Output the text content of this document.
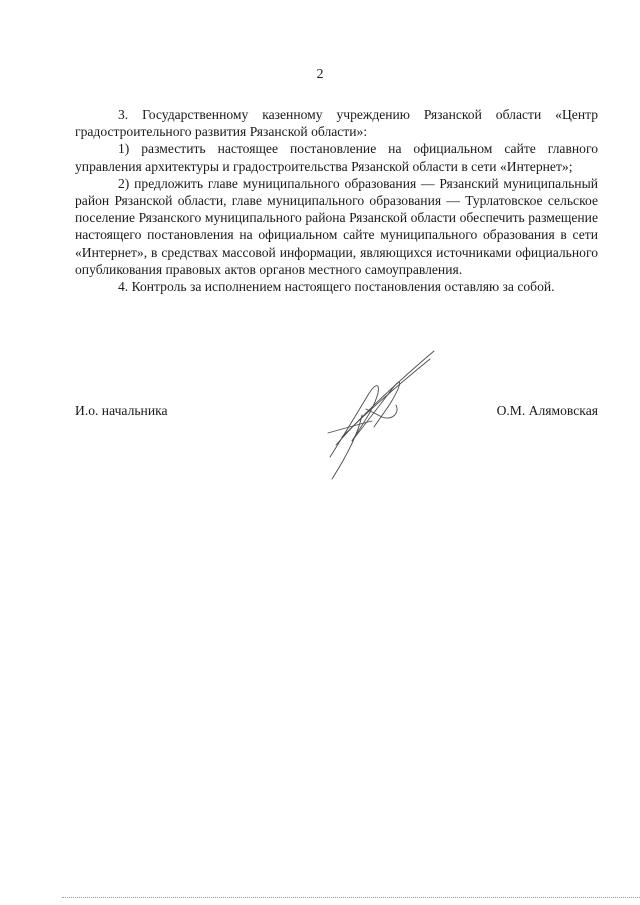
2

3. Государственному казенному учреждению Рязанской области «Центр градостроительного развития Рязанской области»:

1) разместить настоящее постановление на официальном сайте главного управления архитектуры и градостроительства Рязанской области в сети «Интернет»;

2) предложить главе муниципального образования — Рязанский муниципальный район Рязанской области, главе муниципального образования — Турлатовское сельское поселение Рязанского муниципального района Рязанской области обеспечить размещение настоящего постановления на официальном сайте муниципального образования в сети «Интернет», в средствах массовой информации, являющихся источниками официального опубликования правовых актов органов местного самоуправления.

4. Контроль за исполнением настоящего постановления оставляю за собой.

И.о. начальника	О.М. Алямовская
